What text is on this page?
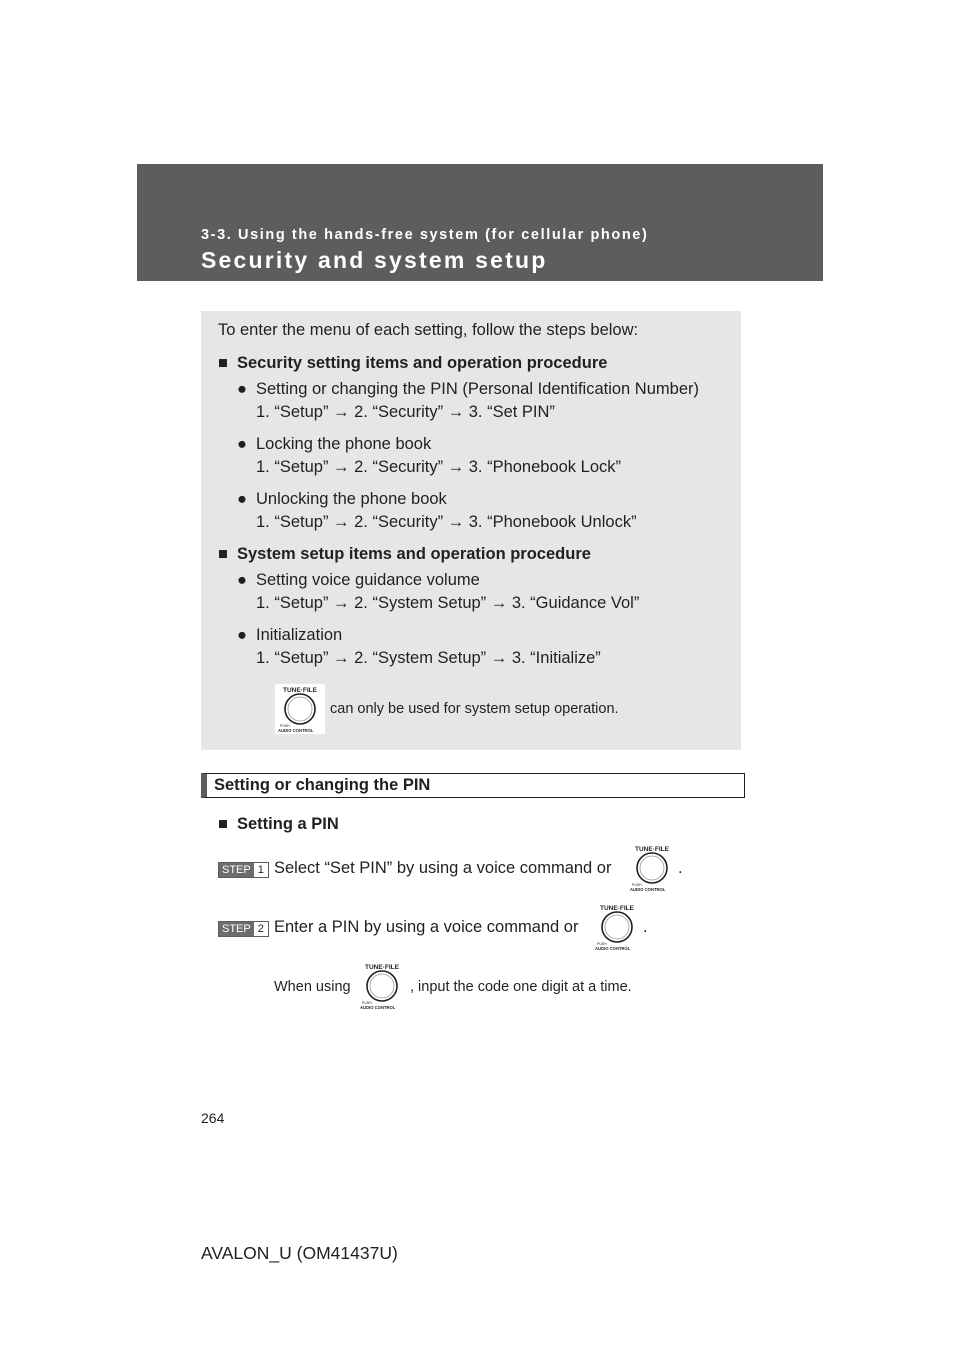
3-3. Using the hands-free system (for cellular phone)
Security and system setup
To enter the menu of each setting, follow the steps below:
■ Security setting items and operation procedure
● Setting or changing the PIN (Personal Identification Number)
1. “Setup” → 2. “Security” → 3. “Set PIN”
● Locking the phone book
1. “Setup” → 2. “Security” → 3. “Phonebook Lock”
● Unlocking the phone book
1. “Setup” → 2. “Security” → 3. “Phonebook Unlock”
■ System setup items and operation procedure
● Setting voice guidance volume
1. “Setup” → 2. “System Setup” → 3. “Guidance Vol”
● Initialization
1. “Setup” → 2. “System Setup” → 3. “Initialize”
TUNE·FILE
PUSH
AUDIO CONTROL
can only be used for system setup operation.
Setting or changing the PIN
■ Setting a PIN
STEP 1 Select “Set PIN” by using a voice command or
TUNE·FILE
PUSH
AUDIO CONTROL
.
STEP 2 Enter a PIN by using a voice command or
TUNE·FILE
PUSH
AUDIO CONTROL
.
When using
TUNE·FILE
PUSH
AUDIO CONTROL
, input the code one digit at a time.
264
AVALON_U (OM41437U)
